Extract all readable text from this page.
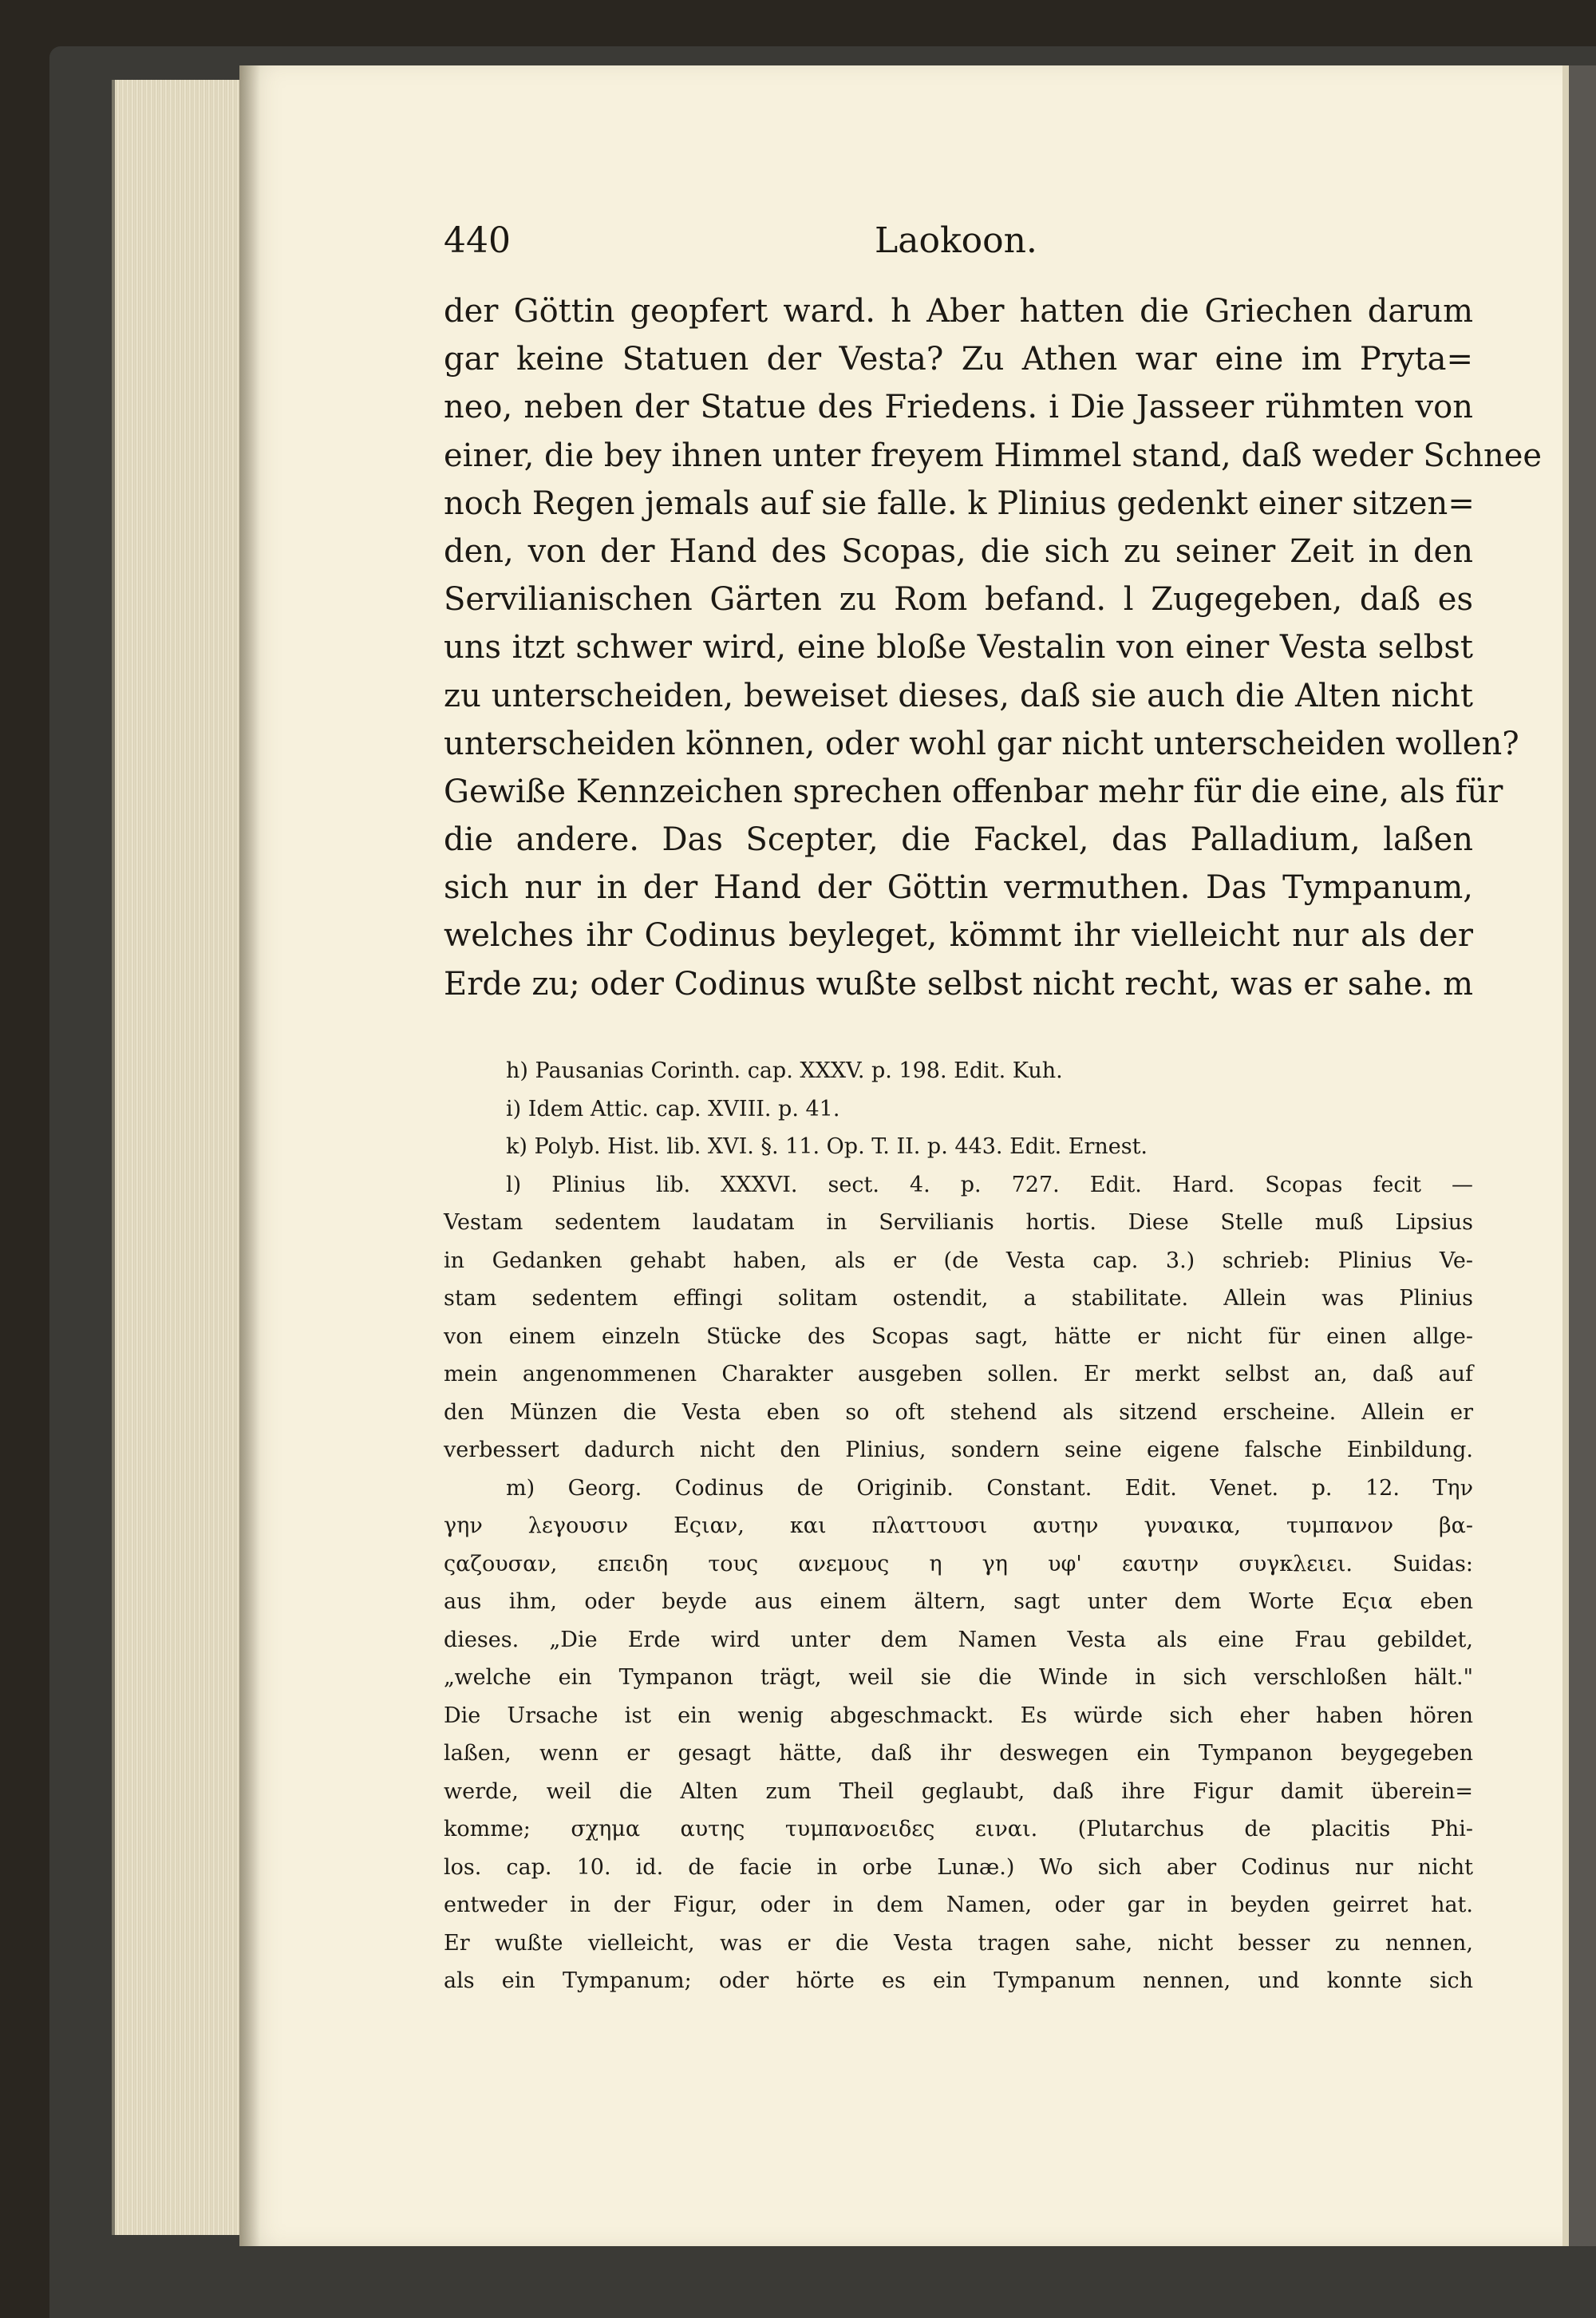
440	Laokoon.
der Göttin geopfert ward. h Aber hatten die Griechen darum
gar keine Statuen der Vesta? Zu Athen war eine im Pryta=
neo, neben der Statue des Friedens. i Die Jasseer rühmten von
einer, die bey ihnen unter freyem Himmel stand, daß weder Schnee
noch Regen jemals auf sie falle. k Plinius gedenkt einer sitzen=
den, von der Hand des Scopas, die sich zu seiner Zeit in den
Servilianischen Gärten zu Rom befand. l Zugegeben, daß es
uns itzt schwer wird, eine bloße Vestalin von einer Vesta selbst
zu unterscheiden, beweiset dieses, daß sie auch die Alten nicht
unterscheiden können, oder wohl gar nicht unterscheiden wollen?
Gewiße Kennzeichen sprechen offenbar mehr für die eine, als für
die andere. Das Scepter, die Fackel, das Palladium, laßen
sich nur in der Hand der Göttin vermuthen. Das Tympanum,
welches ihr Codinus beyleget, kömmt ihr vielleicht nur als der
Erde zu; oder Codinus wußte selbst nicht recht, was er sahe. m
h) Pausanias Corinth. cap. XXXV. p. 198. Edit. Kuh.
i) Idem Attic. cap. XVIII. p. 41.
k) Polyb. Hist. lib. XVI. §. 11. Op. T. II. p. 443. Edit. Ernest.
l) Plinius lib. XXXVI. sect. 4. p. 727. Edit. Hard. Scopas fecit —
Vestam sedentem laudatam in Servilianis hortis. Diese Stelle muß Lipsius
in Gedanken gehabt haben, als er (de Vesta cap. 3.) schrieb: Plinius Ve-
stam sedentem effingi solitam ostendit, a stabilitate. Allein was Plinius
von einem einzeln Stücke des Scopas sagt, hätte er nicht für einen allge-
mein angenommenen Charakter ausgeben sollen. Er merkt selbst an, daß auf
den Münzen die Vesta eben so oft stehend als sitzend erscheine. Allein er
verbessert dadurch nicht den Plinius, sondern seine eigene falsche Einbildung.
m) Georg. Codinus de Originib. Constant. Edit. Venet. p. 12. Την
γην λεγουσιν Εςιαν, και πλαττουσι αυτην γυναικα, τυμπανον βα-
ςαζουσαν, επειδη τους ανεμους η γη υφ' εαυτην συγκλειει. Suidas:
aus ihm, oder beyde aus einem ältern, sagt unter dem Worte Εςια eben
dieses. „Die Erde wird unter dem Namen Vesta als eine Frau gebildet,
„welche ein Tympanon trägt, weil sie die Winde in sich verschloßen hält."
Die Ursache ist ein wenig abgeschmackt. Es würde sich eher haben hören
laßen, wenn er gesagt hätte, daß ihr deswegen ein Tympanon beygegeben
werde, weil die Alten zum Theil geglaubt, daß ihre Figur damit überein=
komme; σχημα αυτης τυμπανοειδες ειναι. (Plutarchus de placitis Phi-
los. cap. 10. id. de facie in orbe Lunæ.) Wo sich aber Codinus nur nicht
entweder in der Figur, oder in dem Namen, oder gar in beyden geirret hat.
Er wußte vielleicht, was er die Vesta tragen sahe, nicht besser zu nennen,
als ein Tympanum; oder hörte es ein Tympanum nennen, und konnte sich
